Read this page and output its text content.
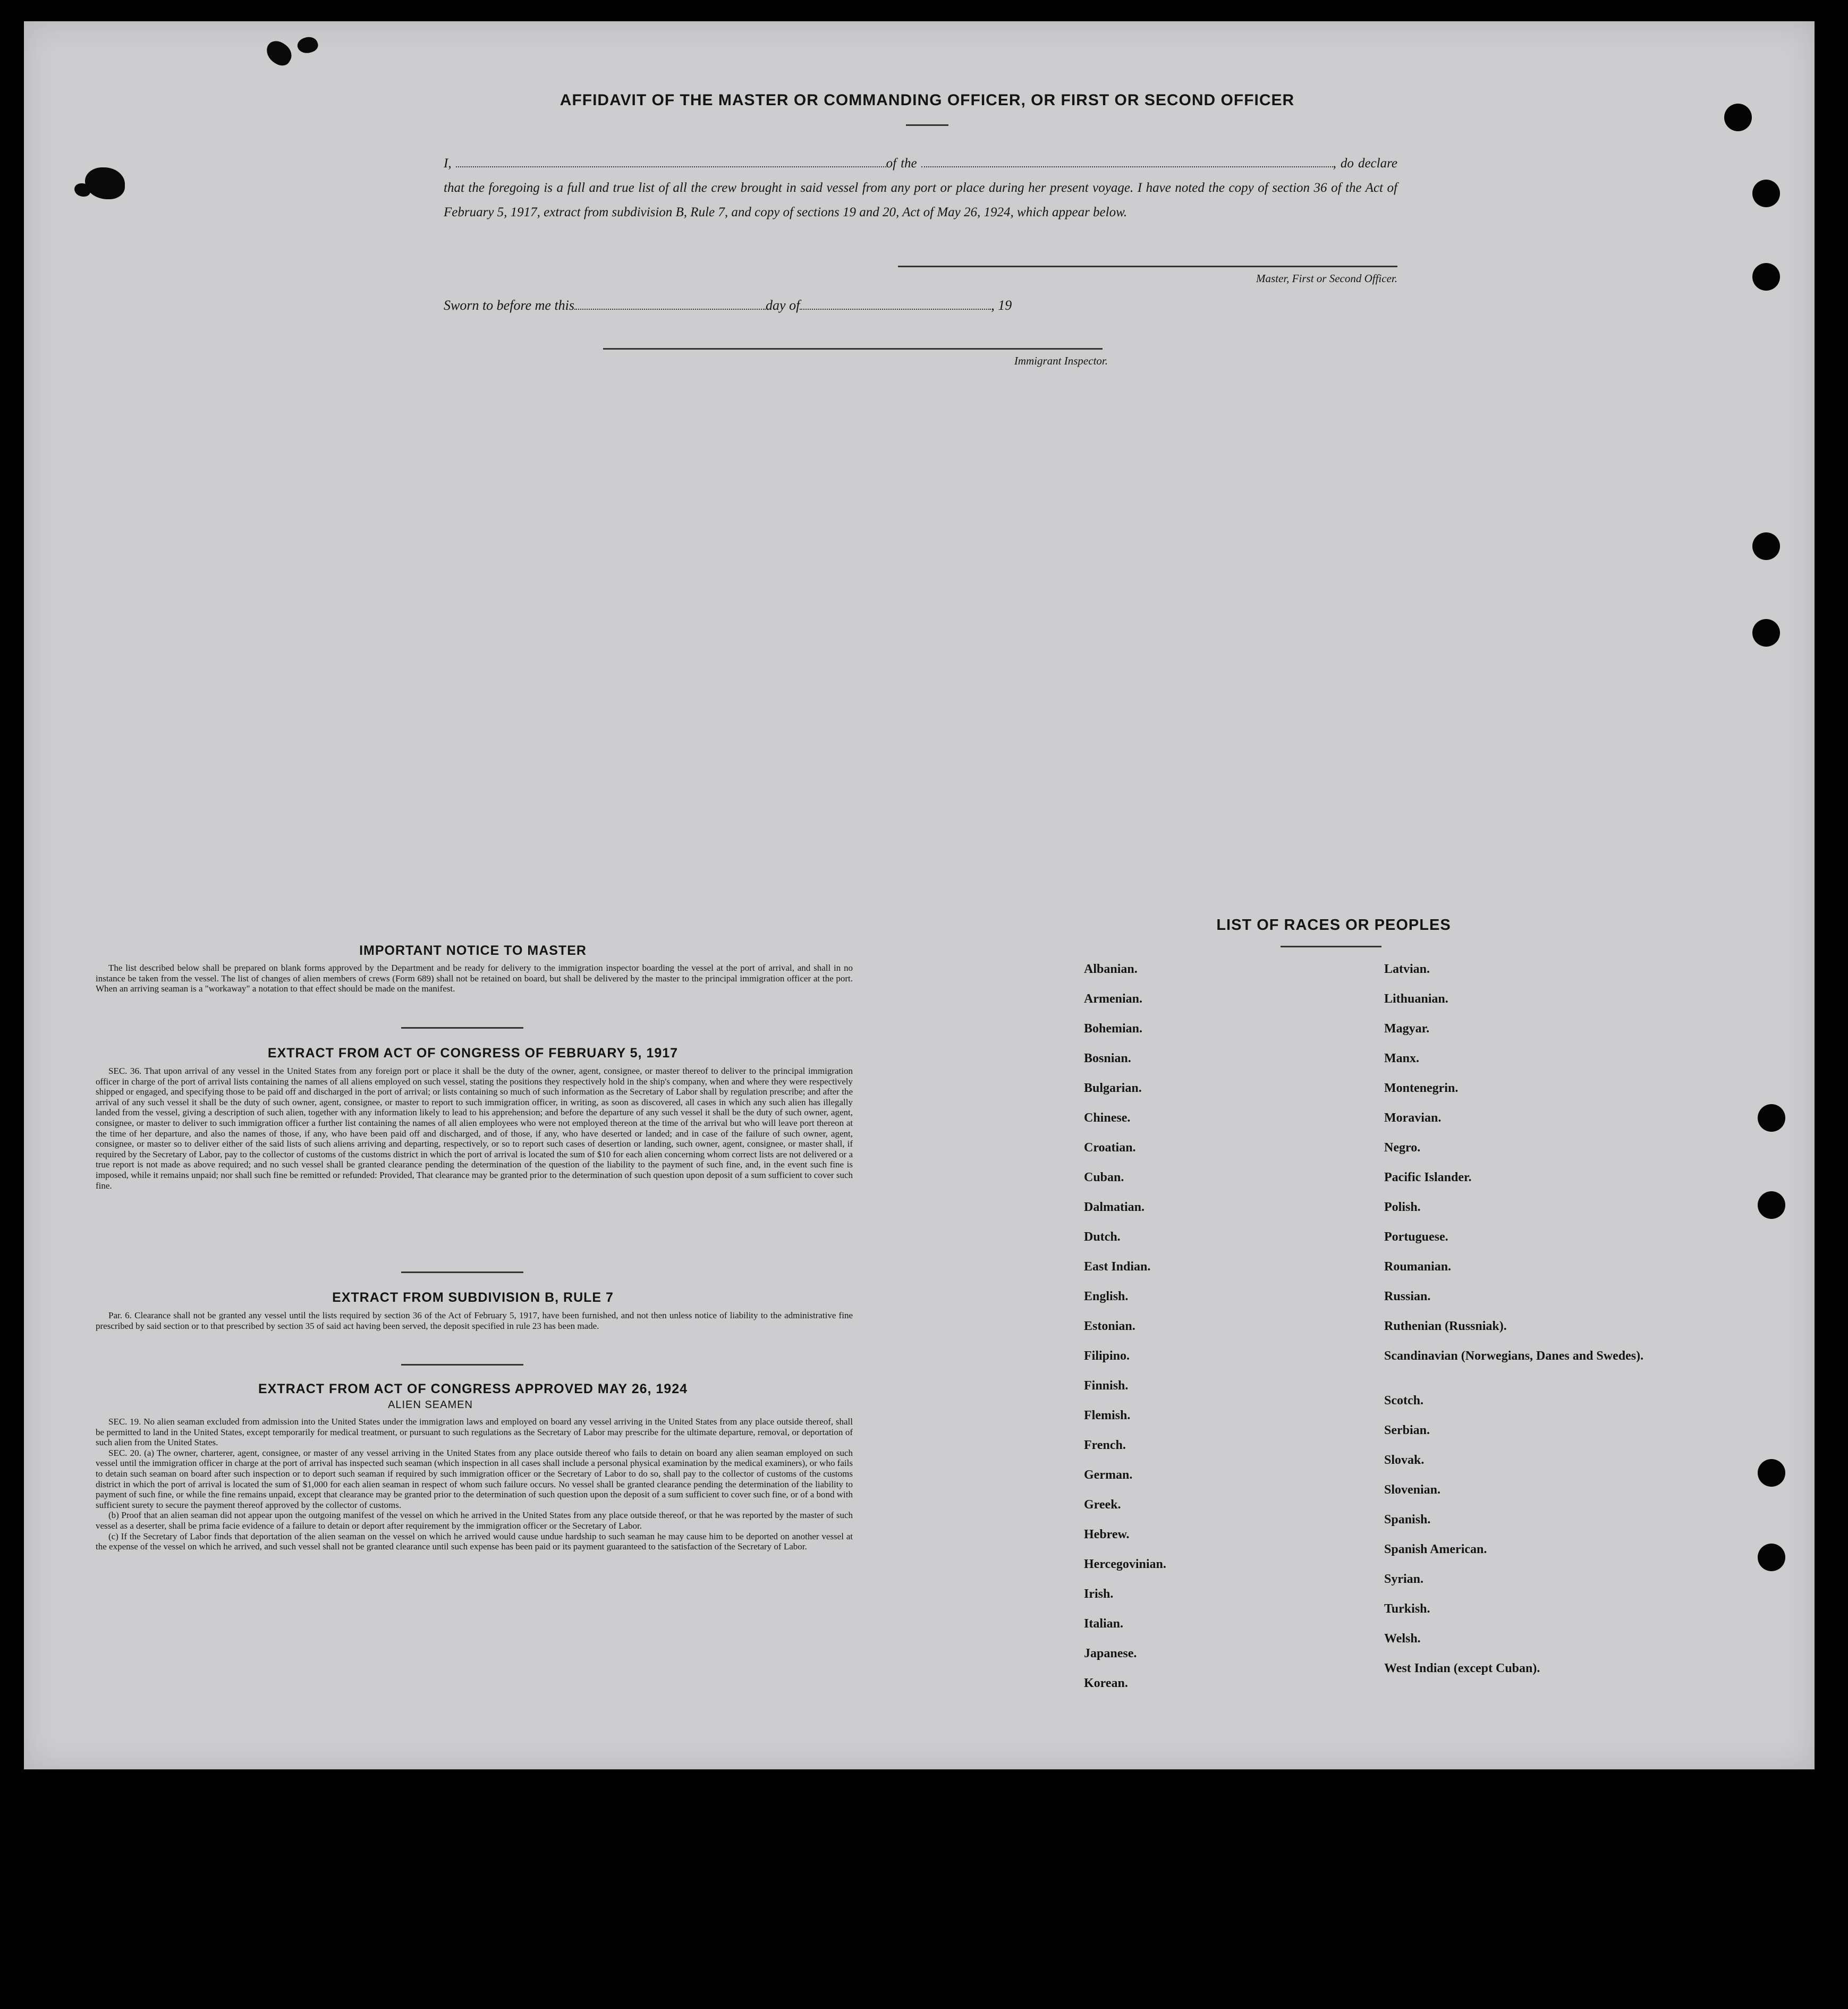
AFFIDAVIT OF THE MASTER OR COMMANDING OFFICER, OR FIRST OR SECOND OFFICER
I,	of the	, do declare that the foregoing is a full and true list of all the crew brought in said vessel from any port or place during her present voyage. I have noted the copy of section 36 of the Act of February 5, 1917, extract from subdivision B, Rule 7, and copy of sections 19 and 20, Act of May 26, 1924, which appear below.
Master, First or Second Officer.
Sworn to before me this	day of	, 19
Immigrant Inspector.
IMPORTANT NOTICE TO MASTER

The list described below shall be prepared on blank forms approved by the Department and be ready for delivery to the immigration inspector boarding the vessel at the port of arrival, and shall in no instance be taken from the vessel. The list of changes of alien members of crews (Form 689) shall not be retained on board, but shall be delivered by the master to the principal immigration officer at the port. When an arriving seaman is a "workaway" a notation to that effect should be made on the manifest.

EXTRACT FROM ACT OF CONGRESS OF FEBRUARY 5, 1917

SEC. 36. That upon arrival of any vessel in the United States from any foreign port or place it shall be the duty of the owner, agent, consignee, or master thereof to deliver to the principal immigration officer in charge of the port of arrival lists containing the names of all aliens employed on such vessel, stating the positions they respectively hold in the ship's company, when and where they were respectively shipped or engaged, and specifying those to be paid off and discharged in the port of arrival; or lists containing so much of such information as the Secretary of Labor shall by regulation prescribe; and after the arrival of any such vessel it shall be the duty of such owner, agent, consignee, or master to report to such immigration officer, in writing, as soon as discovered, all cases in which any such alien has illegally landed from the vessel, giving a description of such alien, together with any information likely to lead to his apprehension; and before the departure of any such vessel it shall be the duty of such owner, agent, consignee, or master to deliver to such immigration officer a further list containing the names of all alien employees who were not employed thereon at the time of the arrival but who will leave port thereon at the time of her departure, and also the names of those, if any, who have been paid off and discharged, and of those, if any, who have deserted or landed; and in case of the failure of such owner, agent, consignee, or master so to deliver either of the said lists of such aliens arriving and departing, respectively, or so to report such cases of desertion or landing, such owner, agent, consignee, or master shall, if required by the Secretary of Labor, pay to the collector of customs of the customs district in which the port of arrival is located the sum of $10 for each alien concerning whom correct lists are not delivered or a true report is not made as above required; and no such vessel shall be granted clearance pending the determination of the question of the liability to the payment of such fine, and, in the event such fine is imposed, while it remains unpaid; nor shall such fine be remitted or refunded: Provided, That clearance may be granted prior to the determination of such question upon deposit of a sum sufficient to cover such fine.

EXTRACT FROM SUBDIVISION B, RULE 7

Par. 6. Clearance shall not be granted any vessel until the lists required by section 36 of the Act of February 5, 1917, have been furnished, and not then unless notice of liability to the administrative fine prescribed by said section or to that prescribed by section 35 of said act having been served, the deposit specified in rule 23 has been made.

EXTRACT FROM ACT OF CONGRESS APPROVED MAY 26, 1924
ALIEN SEAMEN

SEC. 19. No alien seaman excluded from admission into the United States under the immigration laws and employed on board any vessel arriving in the United States from any place outside thereof, shall be permitted to land in the United States, except temporarily for medical treatment, or pursuant to such regulations as the Secretary of Labor may prescribe for the ultimate departure, removal, or deportation of such alien from the United States.

SEC. 20. (a) The owner, charterer, agent, consignee, or master of any vessel arriving in the United States from any place outside thereof who fails to detain on board any alien seaman employed on such vessel until the immigration officer in charge at the port of arrival has inspected such seaman (which inspection in all cases shall include a personal physical examination by the medical examiners), or who fails to detain such seaman on board after such inspection or to deport such seaman if required by such immigration officer or the Secretary of Labor to do so, shall pay to the collector of customs of the customs district in which the port of arrival is located the sum of $1,000 for each alien seaman in respect of whom such failure occurs. No vessel shall be granted clearance pending the determination of the liability to payment of such fine, or while the fine remains unpaid, except that clearance may be granted prior to the determination of such question upon the deposit of a sum sufficient to cover such fine, or of a bond with sufficient surety to secure the payment thereof approved by the collector of customs.

(b) Proof that an alien seaman did not appear upon the outgoing manifest of the vessel on which he arrived in the United States from any place outside thereof, or that he was reported by the master of such vessel as a deserter, shall be prima facie evidence of a failure to detain or deport after requirement by the immigration officer or the Secretary of Labor.

(c) If the Secretary of Labor finds that deportation of the alien seaman on the vessel on which he arrived would cause undue hardship to such seaman he may cause him to be deported on another vessel at the expense of the vessel on which he arrived, and such vessel shall not be granted clearance until such expense has been paid or its payment guaranteed to the satisfaction of the Secretary of Labor.

LIST OF RACES OR PEOPLES
Albanian.
Armenian.
Bohemian.
Bosnian.
Bulgarian.
Chinese.
Croatian.
Cuban.
Dalmatian.
Dutch.
East Indian.
English.
Estonian.
Filipino.
Finnish.
Flemish.
French.
German.
Greek.
Hebrew.
Hercegovinian.
Irish.
Italian.
Japanese.
Korean.
Latvian.
Lithuanian.
Magyar.
Manx.
Montenegrin.
Moravian.
Negro.
Pacific Islander.
Polish.
Portuguese.
Roumanian.
Russian.
Ruthenian (Russniak).
Scandinavian (Norwegians, Danes and Swedes).
Scotch.
Serbian.
Slovak.
Slovenian.
Spanish.
Spanish American.
Syrian.
Turkish.
Welsh.
West Indian (except Cuban).
